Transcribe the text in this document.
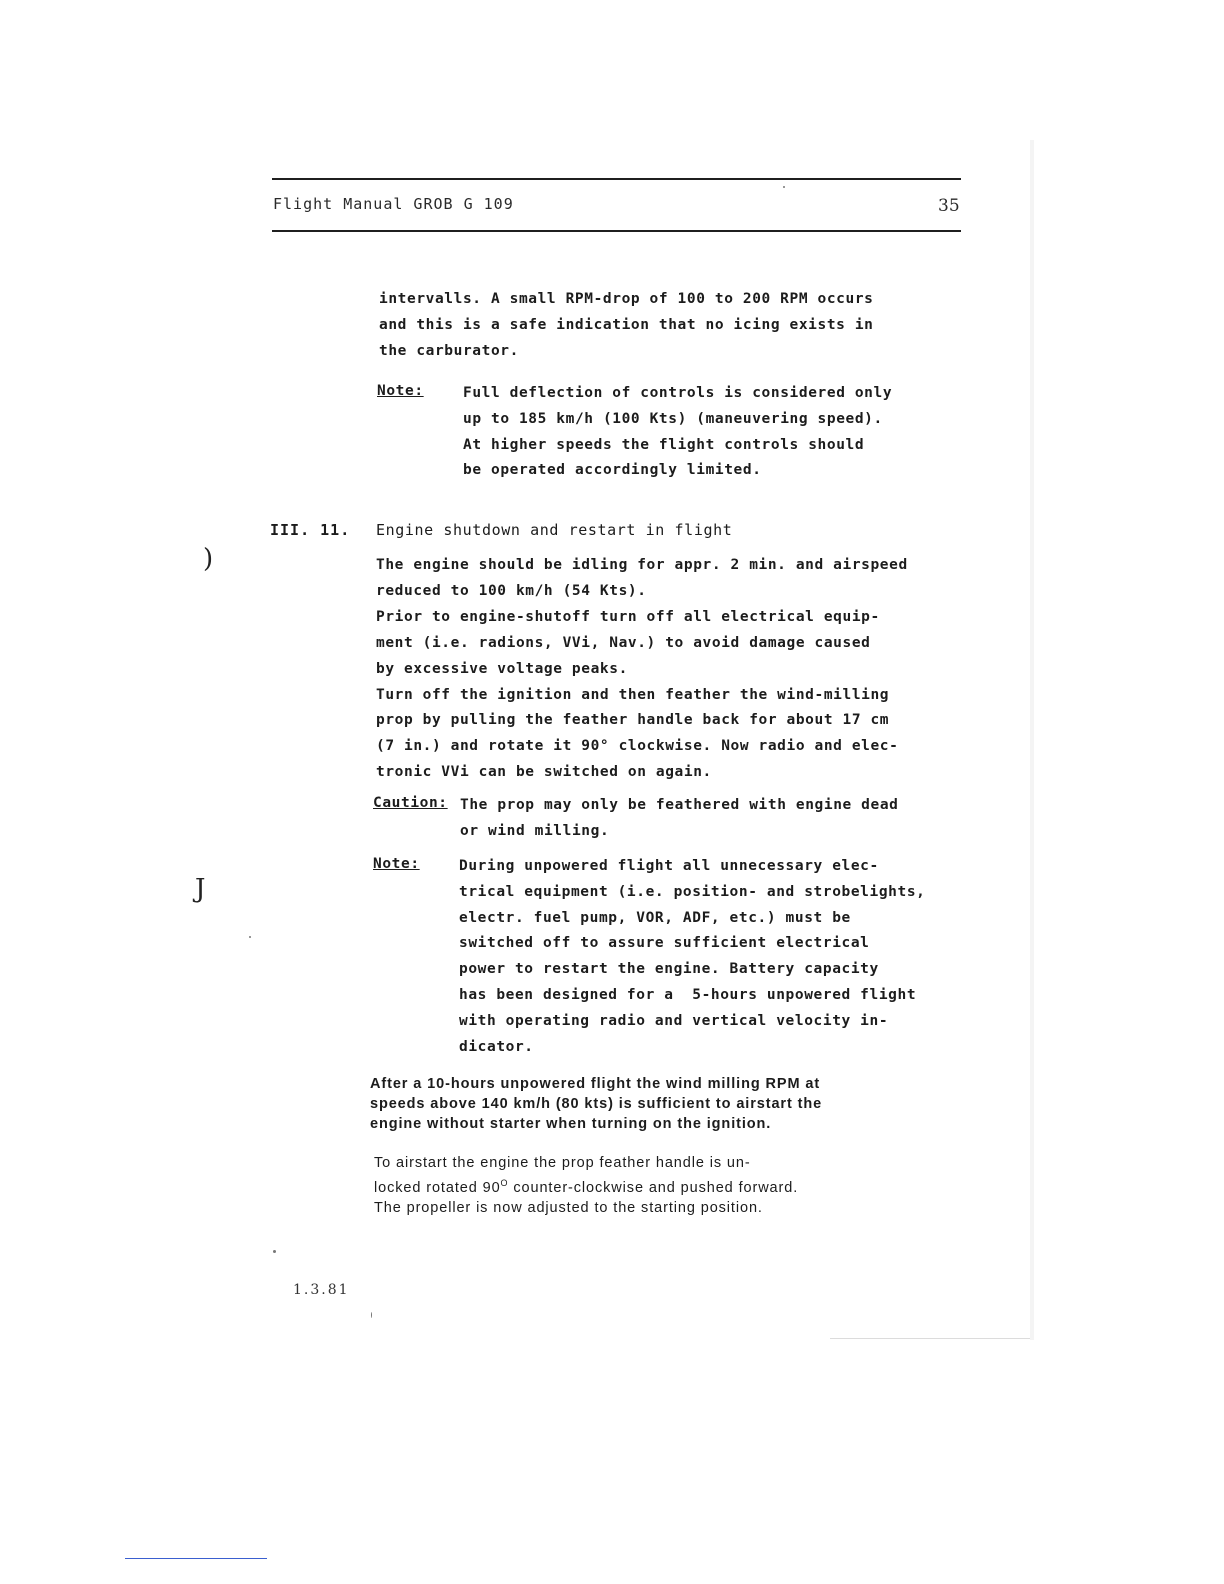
Flight Manual GROB G 109	35
intervalls. A small RPM-drop of 100 to 200 RPM occurs
and this is a safe indication that no icing exists in
the carburator.
Note:	Full deflection of controls is considered only
up to 185 km/h (100 Kts) (maneuvering speed).
At higher speeds the flight controls should
be operated accordingly limited.
III. 11. Engine shutdown and restart in flight
The engine should be idling for appr. 2 min. and airspeed
reduced to 100 km/h (54 Kts).
Prior to engine-shutoff turn off all electrical equip-
ment (i.e. radions, VVi, Nav.) to avoid damage caused
by excessive voltage peaks.
Turn off the ignition and then feather the wind-milling
prop by pulling the feather handle back for about 17 cm
(7 in.) and rotate it 90° clockwise. Now radio and elec-
tronic VVi can be switched on again.
Caution: The prop may only be feathered with engine dead
or wind milling.
Note:	During unpowered flight all unnecessary elec-
trical equipment (i.e. position- and strobelights,
electr. fuel pump, VOR, ADF, etc.) must be
switched off to assure sufficient electrical
power to restart the engine. Battery capacity
has been designed for a  5-hours unpowered flight
with operating radio and vertical velocity in-
dicator.
After a 10-hours unpowered flight the wind milling RPM at
speeds above 140 km/h (80 kts) is sufficient to airstart the
engine without starter when turning on the ignition.
To airstart the engine the prop feather handle is un-
locked rotated $90^O$ counter-clockwise and pushed forward.
The propeller is now adjusted to the starting position.
1.3.81
)
J
